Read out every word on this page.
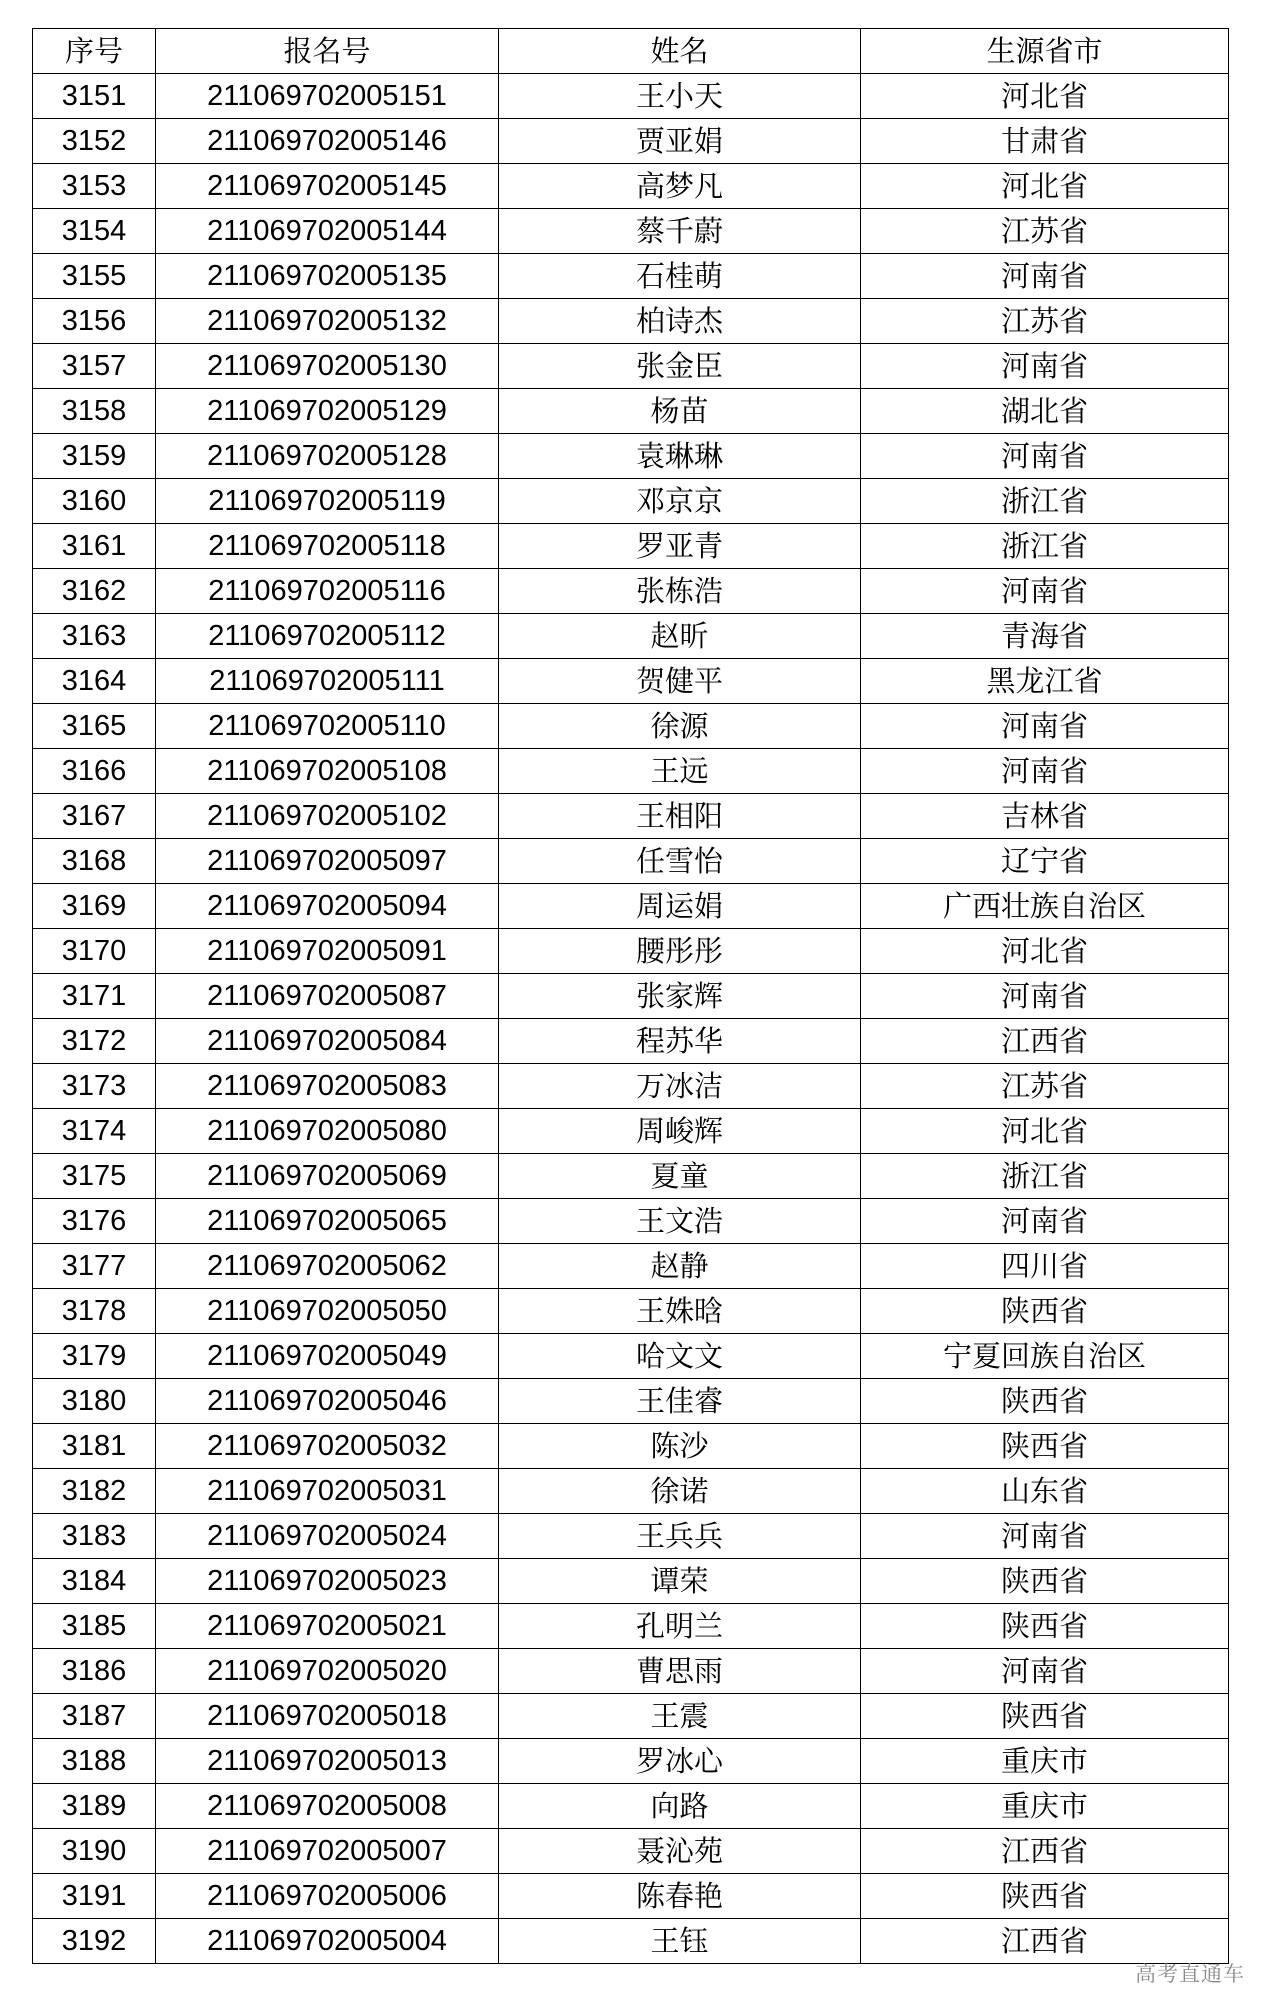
序号	报名号	姓名	生源省市
3151	211069702005151	王小天	河北省
3152	211069702005146	贾亚娟	甘肃省
3153	211069702005145	高梦凡	河北省
3154	211069702005144	蔡千蔚	江苏省
3155	211069702005135	石桂萌	河南省
3156	211069702005132	柏诗杰	江苏省
3157	211069702005130	张金臣	河南省
3158	211069702005129	杨苗	湖北省
3159	211069702005128	袁琳琳	河南省
3160	211069702005119	邓京京	浙江省
3161	211069702005118	罗亚青	浙江省
3162	211069702005116	张栋浩	河南省
3163	211069702005112	赵昕	青海省
3164	211069702005111	贺健平	黑龙江省
3165	211069702005110	徐源	河南省
3166	211069702005108	王远	河南省
3167	211069702005102	王相阳	吉林省
3168	211069702005097	任雪怡	辽宁省
3169	211069702005094	周运娟	广西壮族自治区
3170	211069702005091	腰彤彤	河北省
3171	211069702005087	张家辉	河南省
3172	211069702005084	程苏华	江西省
3173	211069702005083	万冰洁	江苏省
3174	211069702005080	周峻辉	河北省
3175	211069702005069	夏童	浙江省
3176	211069702005065	王文浩	河南省
3177	211069702005062	赵静	四川省
3178	211069702005050	王姝晗	陕西省
3179	211069702005049	哈文文	宁夏回族自治区
3180	211069702005046	王佳睿	陕西省
3181	211069702005032	陈沙	陕西省
3182	211069702005031	徐诺	山东省
3183	211069702005024	王兵兵	河南省
3184	211069702005023	谭荣	陕西省
3185	211069702005021	孔明兰	陕西省
3186	211069702005020	曹思雨	河南省
3187	211069702005018	王震	陕西省
3188	211069702005013	罗冰心	重庆市
3189	211069702005008	向路	重庆市
3190	211069702005007	聂沁苑	江西省
3191	211069702005006	陈春艳	陕西省
3192	211069702005004	王钰	江西省
高考直通车
